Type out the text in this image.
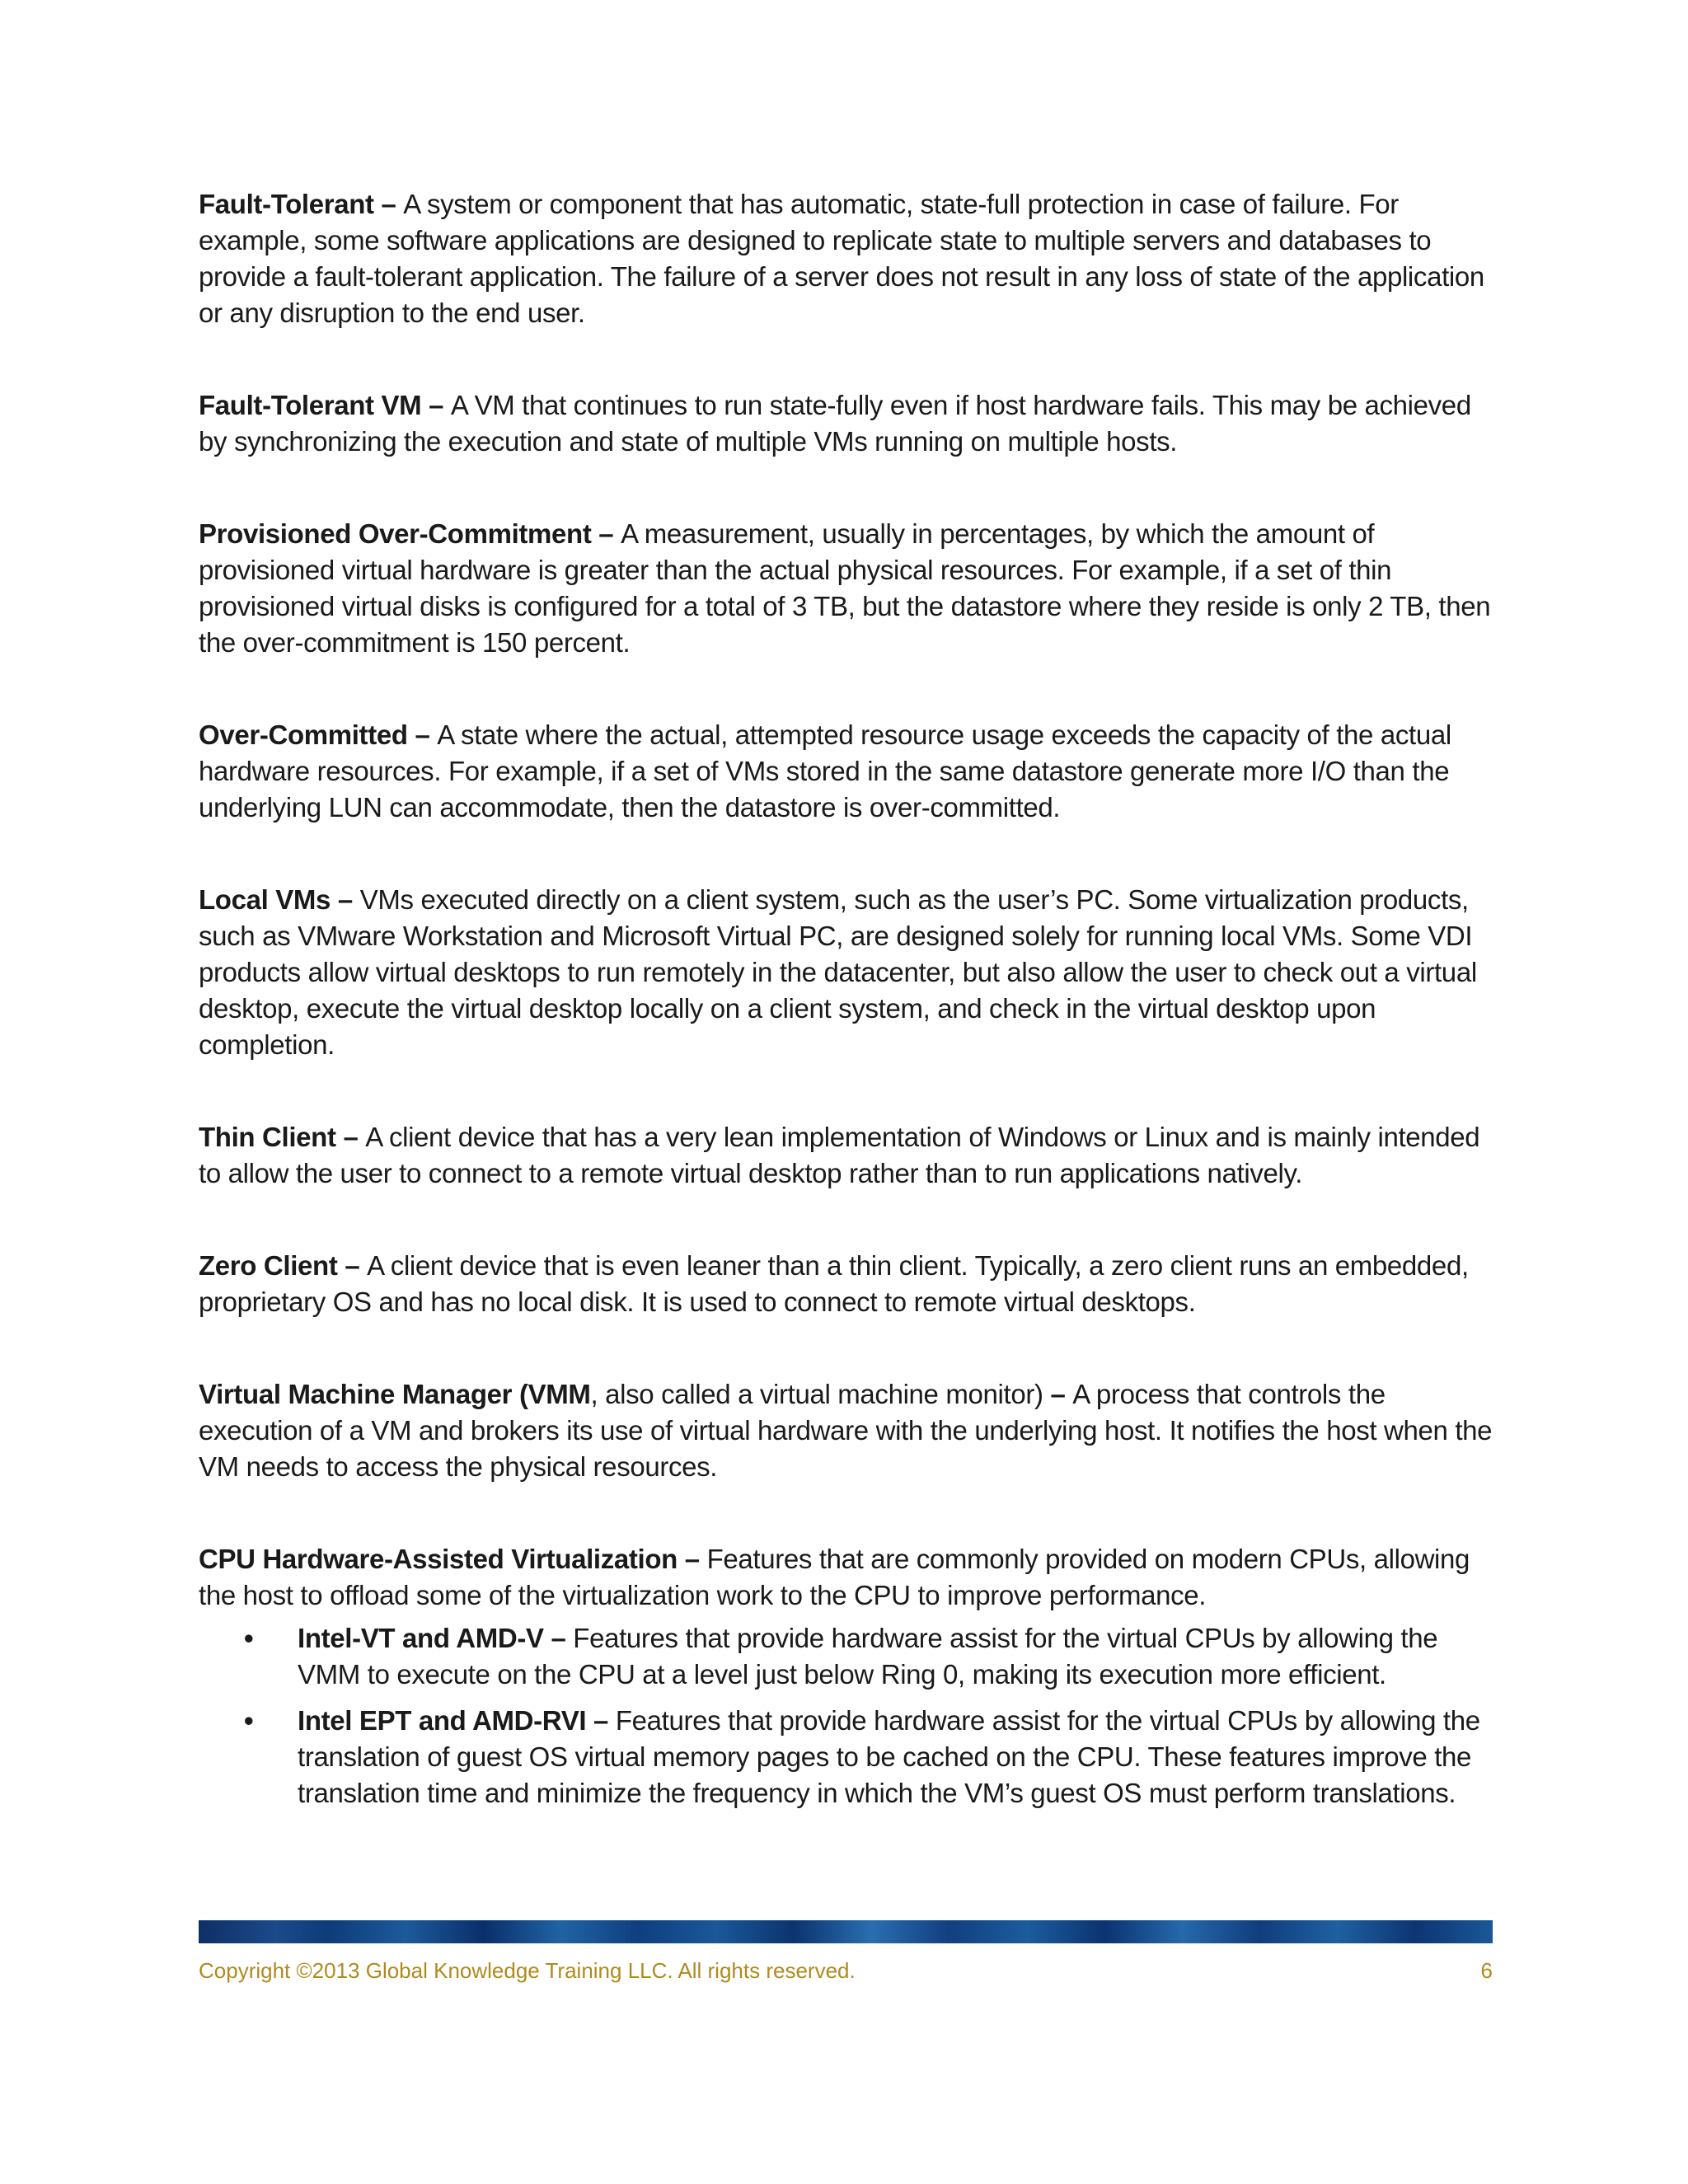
Fault-Tolerant – A system or component that has automatic, state-full protection in case of failure. For example, some software applications are designed to replicate state to multiple servers and databases to provide a fault-tolerant application. The failure of a server does not result in any loss of state of the application or any disruption to the end user.

Fault-Tolerant VM – A VM that continues to run state-fully even if host hardware fails. This may be achieved by synchronizing the execution and state of multiple VMs running on multiple hosts.

Provisioned Over-Commitment – A measurement, usually in percentages, by which the amount of provisioned virtual hardware is greater than the actual physical resources. For example, if a set of thin provisioned virtual disks is configured for a total of 3 TB, but the datastore where they reside is only 2 TB, then the over-commitment is 150 percent.

Over-Committed – A state where the actual, attempted resource usage exceeds the capacity of the actual hardware resources. For example, if a set of VMs stored in the same datastore generate more I/O than the underlying LUN can accommodate, then the datastore is over-committed.

Local VMs – VMs executed directly on a client system, such as the user’s PC. Some virtualization products, such as VMware Workstation and Microsoft Virtual PC, are designed solely for running local VMs. Some VDI products allow virtual desktops to run remotely in the datacenter, but also allow the user to check out a virtual desktop, execute the virtual desktop locally on a client system, and check in the virtual desktop upon completion.

Thin Client – A client device that has a very lean implementation of Windows or Linux and is mainly intended to allow the user to connect to a remote virtual desktop rather than to run applications natively.

Zero Client – A client device that is even leaner than a thin client. Typically, a zero client runs an embedded, proprietary OS and has no local disk. It is used to connect to remote virtual desktops.

Virtual Machine Manager (VMM, also called a virtual machine monitor) – A process that controls the execution of a VM and brokers its use of virtual hardware with the underlying host. It notifies the host when the VM needs to access the physical resources.

CPU Hardware-Assisted Virtualization – Features that are commonly provided on modern CPUs, allowing the host to offload some of the virtualization work to the CPU to improve performance.
• Intel-VT and AMD-V – Features that provide hardware assist for the virtual CPUs by allowing the VMM to execute on the CPU at a level just below Ring 0, making its execution more efficient.
• Intel EPT and AMD-RVI – Features that provide hardware assist for the virtual CPUs by allowing the translation of guest OS virtual memory pages to be cached on the CPU. These features improve the translation time and minimize the frequency in which the VM’s guest OS must perform translations.
Copyright ©2013 Global Knowledge Training LLC. All rights reserved.	6
